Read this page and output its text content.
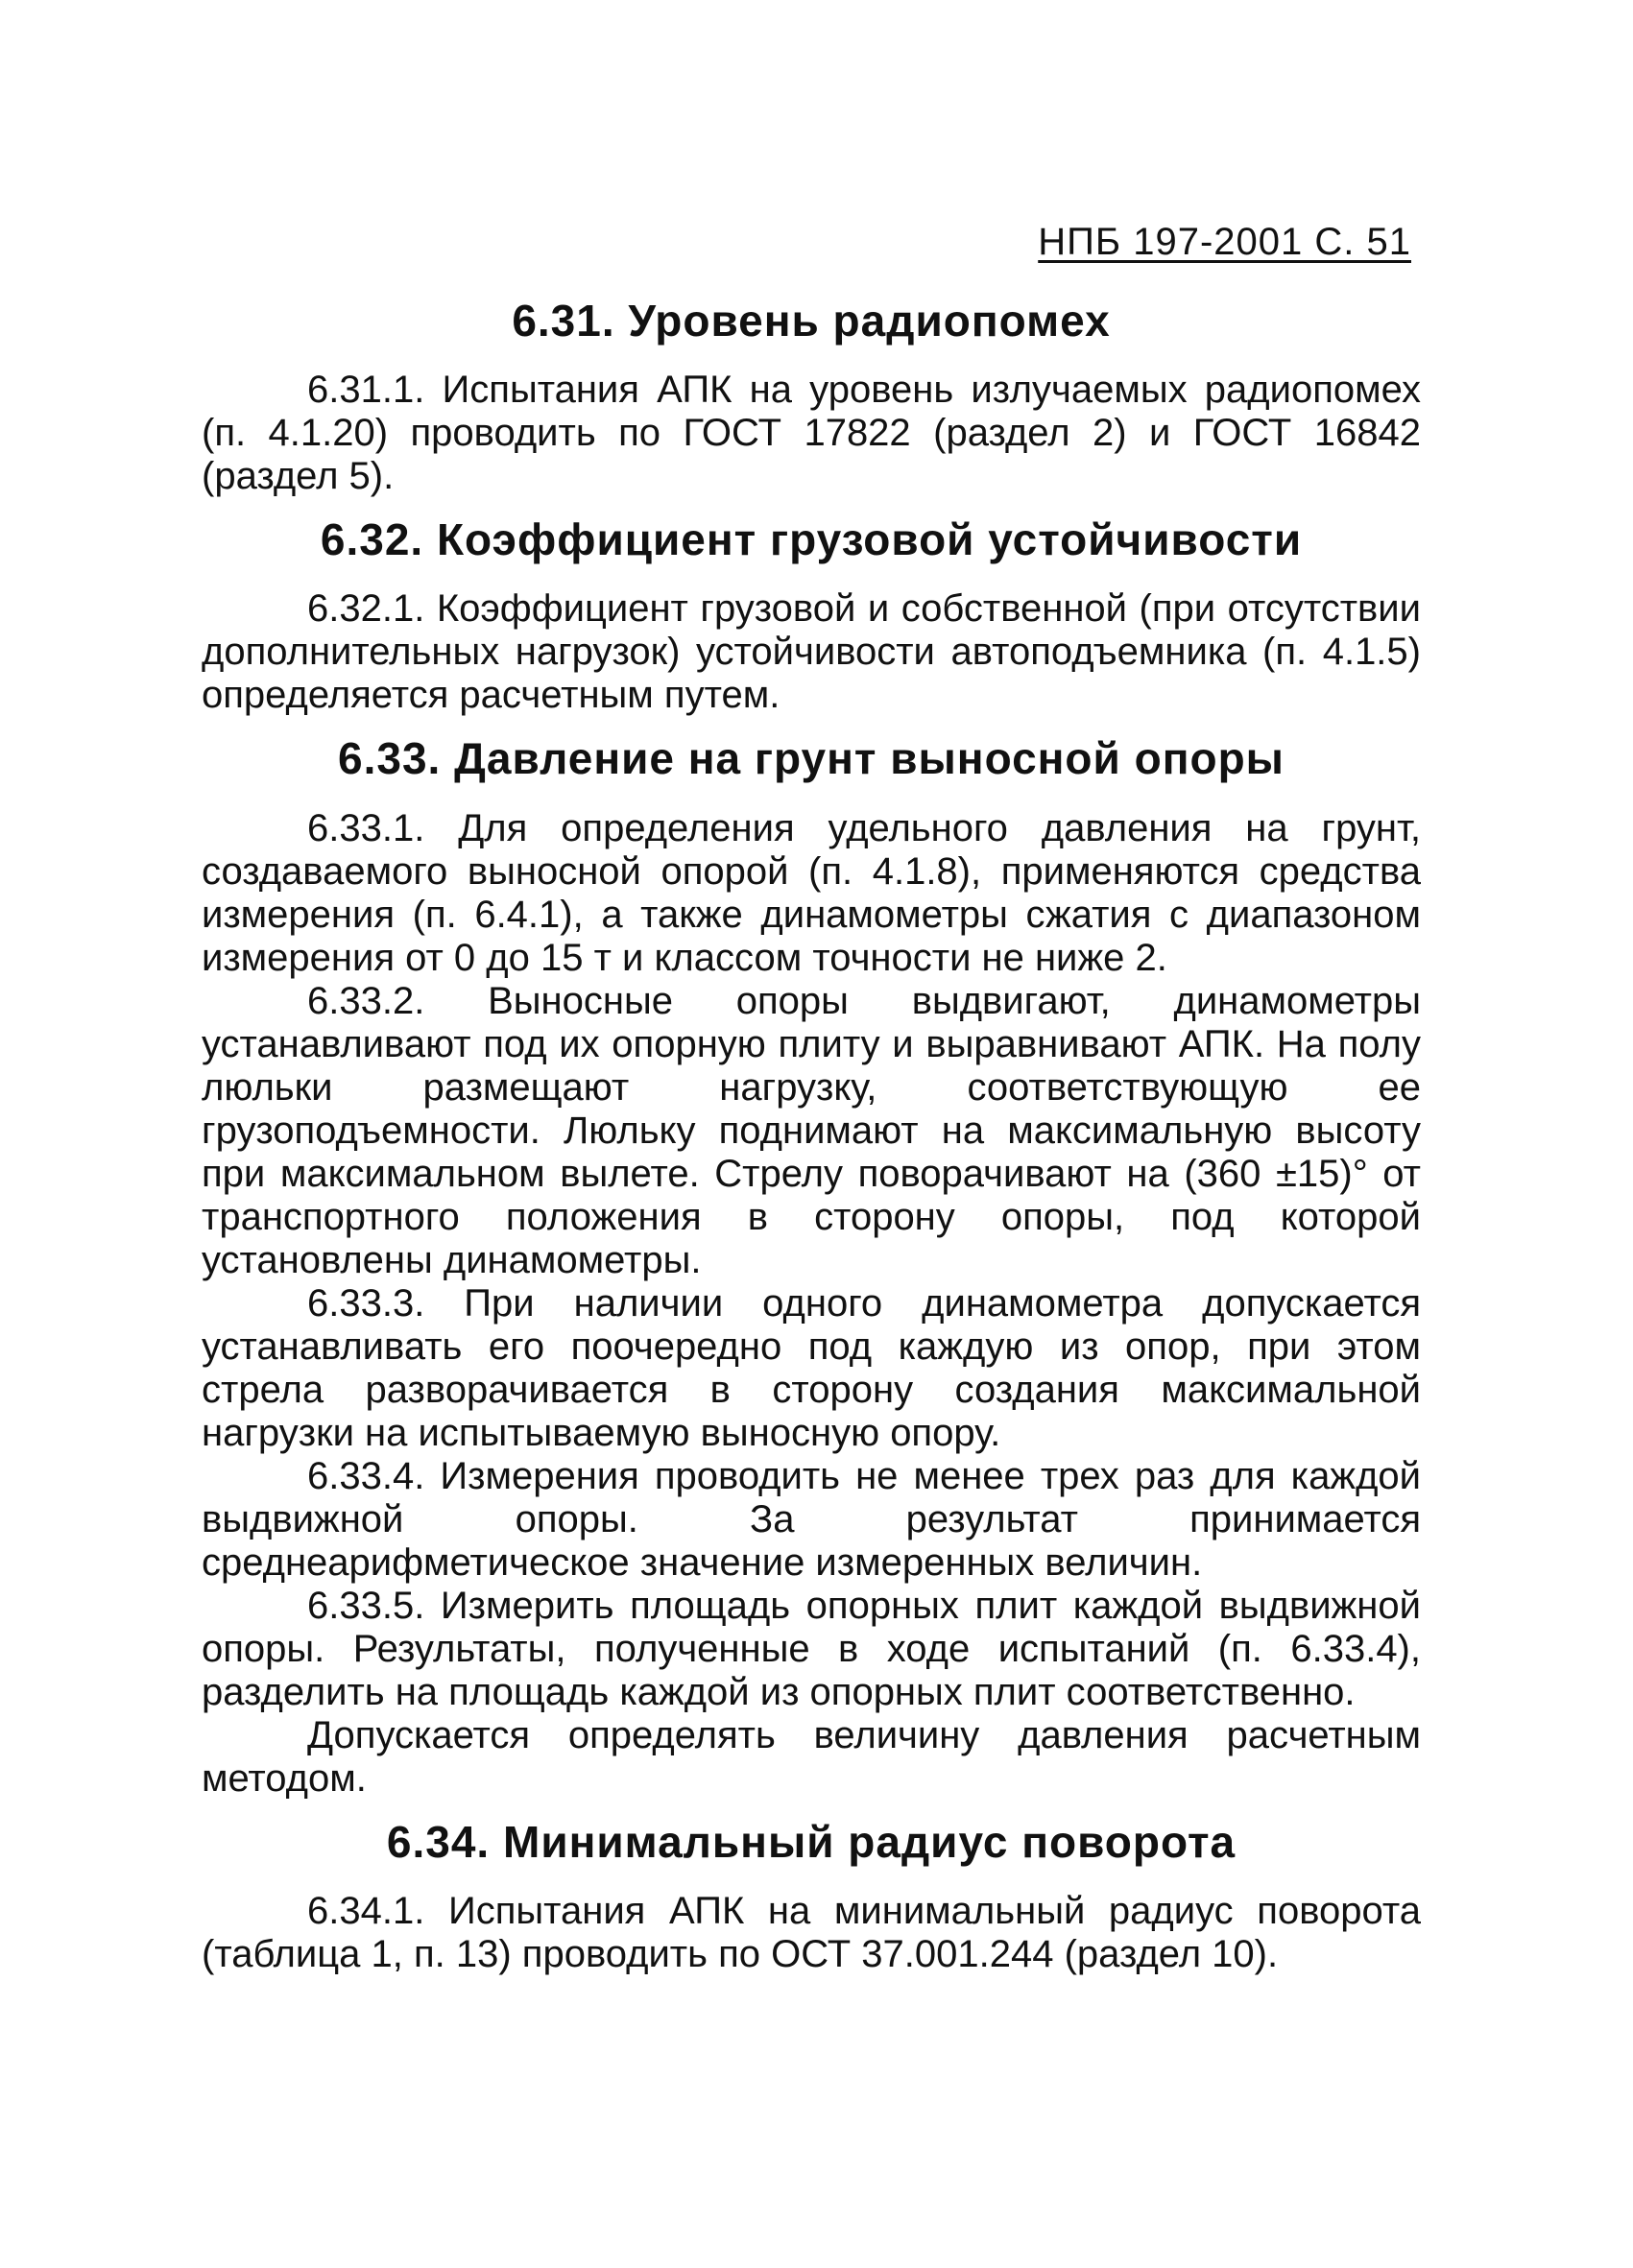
НПБ 197-2001 С. 51
6.31. Уровень радиопомех

6.31.1. Испытания АПК на уровень излучаемых радиопомех (п. 4.1.20) проводить по ГОСТ 17822 (раздел 2) и ГОСТ 16842 (раздел 5).

6.32. Коэффициент грузовой устойчивости

6.32.1. Коэффициент грузовой и собственной (при отсутствии дополнительных нагрузок) устойчивости автоподъемника (п. 4.1.5) определяется расчетным путем.

6.33. Давление на грунт выносной опоры

6.33.1. Для определения удельного давления на грунт, создаваемого выносной опорой (п. 4.1.8), применяются средства измерения (п. 6.4.1), а также динамометры сжатия с диапазоном измерения от 0 до 15 т и классом точности не ниже 2.

6.33.2. Выносные опоры выдвигают, динамометры устанавливают под их опорную плиту и выравнивают АПК. На полу люльки размещают нагрузку, соответствующую ее грузоподъемности. Люльку поднимают на максимальную высоту при максимальном вылете. Стрелу поворачивают на (360 ±15)° от транспортного положения в сторону опоры, под которой установлены динамометры.

6.33.3. При наличии одного динамометра допускается устанавливать его поочередно под каждую из опор, при этом стрела разворачивается в сторону создания максимальной нагрузки на испытываемую выносную опору.

6.33.4. Измерения проводить не менее трех раз для каждой выдвижной опоры. За результат принимается среднеарифметическое значение измеренных величин.

6.33.5. Измерить площадь опорных плит каждой выдвижной опоры. Результаты, полученные в ходе испытаний (п. 6.33.4), разделить на площадь каждой из опорных плит соответственно.

Допускается определять величину давления расчетным методом.

6.34. Минимальный радиус поворота

6.34.1. Испытания АПК на минимальный радиус поворота (таблица 1, п. 13) проводить по ОСТ 37.001.244 (раздел 10).
